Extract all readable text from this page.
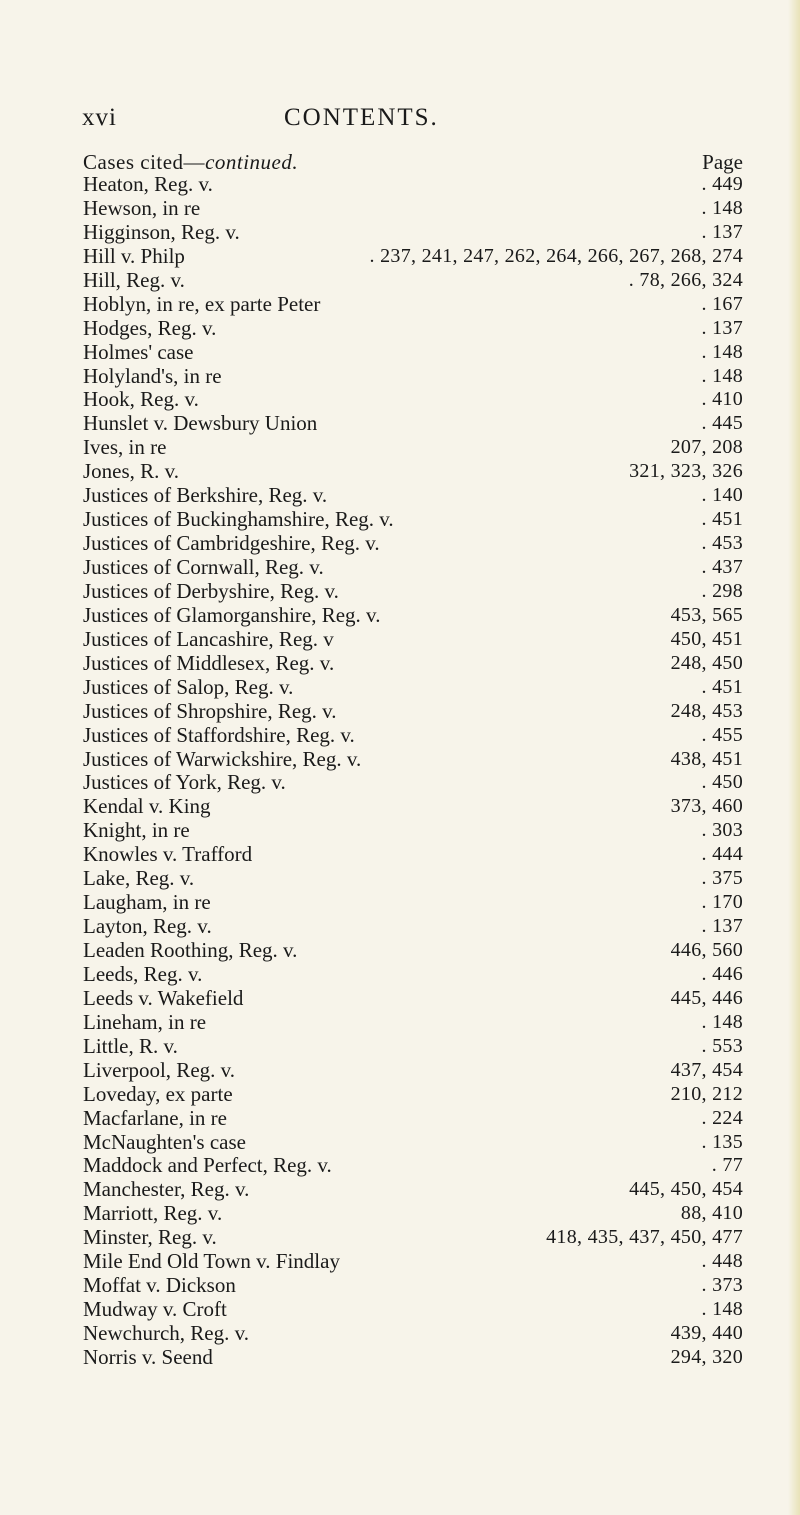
xvi	CONTENTS.
Cases cited—continued.	Page
Heaton, Reg. v.	. 449
Hewson, in re	. 148
Higginson, Reg. v.	. 137
Hill v. Philp	. 237, 241, 247, 262, 264, 266, 267, 268, 274
Hill, Reg. v.	. 78, 266, 324
Hoblyn, in re, ex parte Peter	. 167
Hodges, Reg. v.	. 137
Holmes' case	. 148
Holyland's, in re	. 148
Hook, Reg. v.	. 410
Hunslet v. Dewsbury Union	. 445
Ives, in re	207, 208
Jones, R. v.	321, 323, 326
Justices of Berkshire, Reg. v.	. 140
Justices of Buckinghamshire, Reg. v.	. 451
Justices of Cambridgeshire, Reg. v.	. 453
Justices of Cornwall, Reg. v.	. 437
Justices of Derbyshire, Reg. v.	. 298
Justices of Glamorganshire, Reg. v.	453, 565
Justices of Lancashire, Reg. v	450, 451
Justices of Middlesex, Reg. v.	248, 450
Justices of Salop, Reg. v.	. 451
Justices of Shropshire, Reg. v.	248, 453
Justices of Staffordshire, Reg. v.	. 455
Justices of Warwickshire, Reg. v.	438, 451
Justices of York, Reg. v.	. 450
Kendal v. King	373, 460
Knight, in re	. 303
Knowles v. Trafford	. 444
Lake, Reg. v.	. 375
Laugham, in re	. 170
Layton, Reg. v.	. 137
Leaden Roothing, Reg. v.	446, 560
Leeds, Reg. v.	. 446
Leeds v. Wakefield	445, 446
Lineham, in re	. 148
Little, R. v.	. 553
Liverpool, Reg. v.	437, 454
Loveday, ex parte	210, 212
Macfarlane, in re	. 224
McNaughten's case	. 135
Maddock and Perfect, Reg. v.	. 77
Manchester, Reg. v.	445, 450, 454
Marriott, Reg. v.	88, 410
Minster, Reg. v.	418, 435, 437, 450, 477
Mile End Old Town v. Findlay	. 448
Moffat v. Dickson	. 373
Mudway v. Croft	. 148
Newchurch, Reg. v.	439, 440
Norris v. Seend	294, 320
